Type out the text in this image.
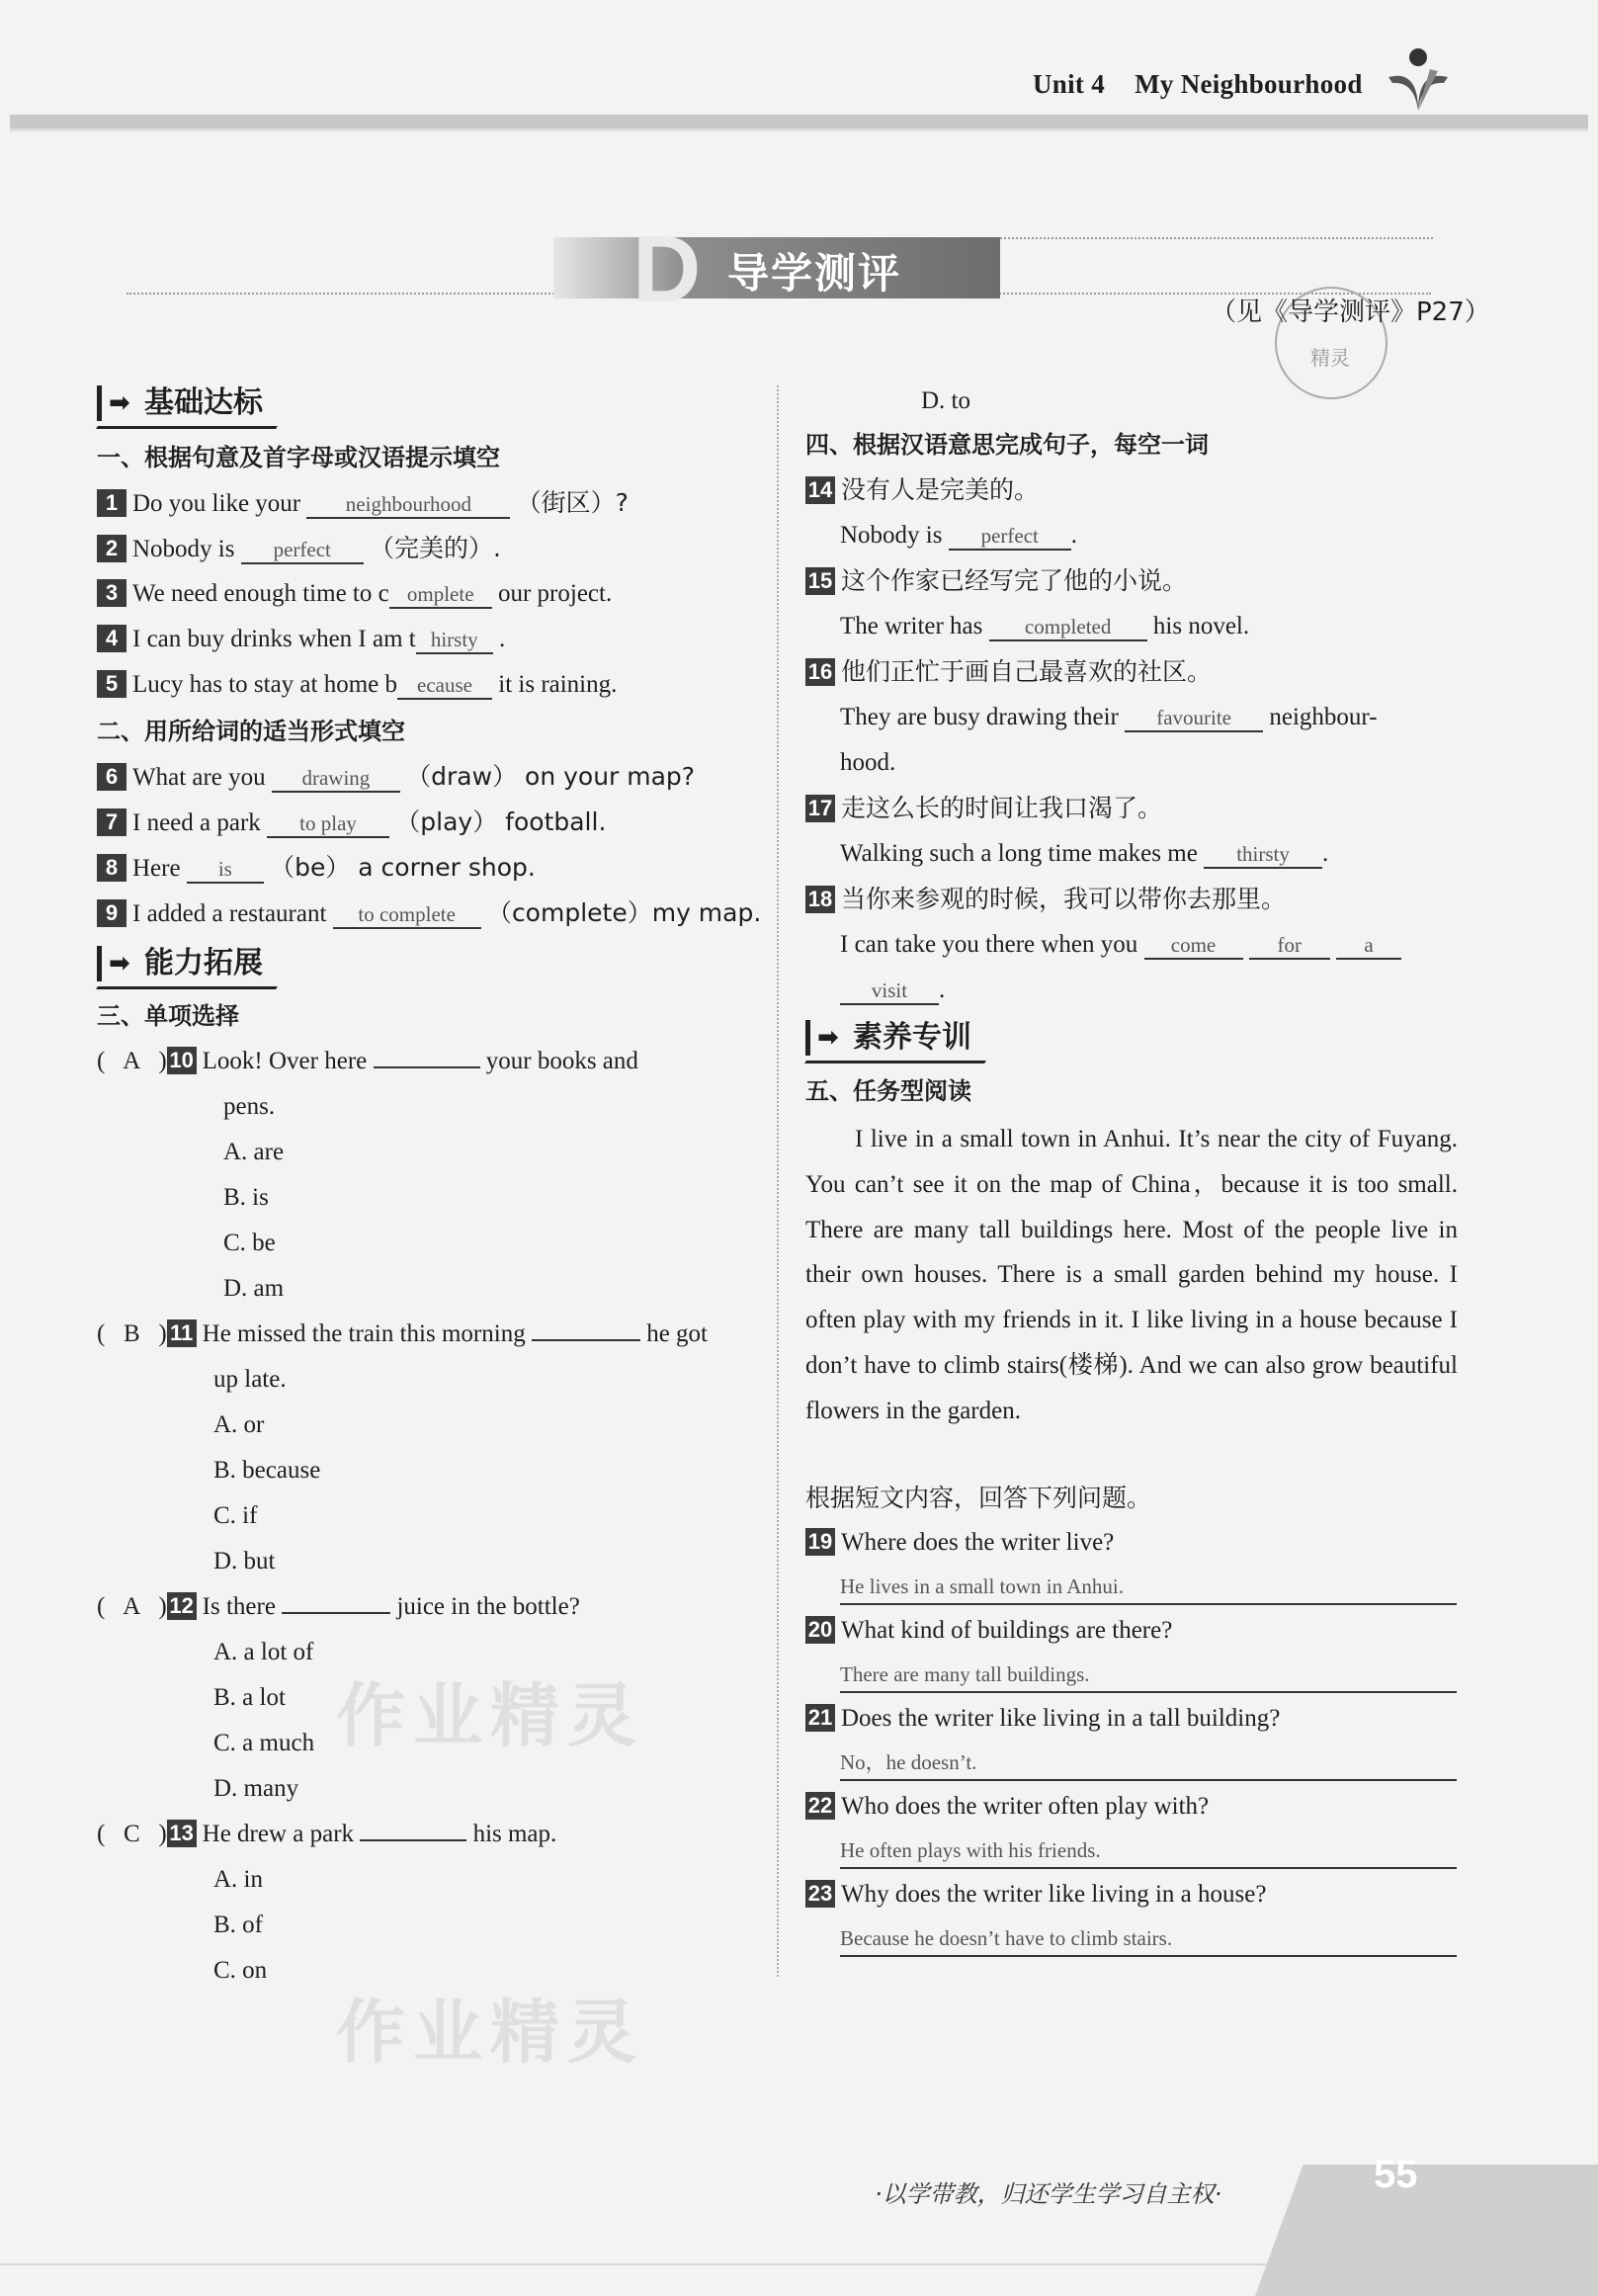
Unit 4 My Neighbourhood
D 导学测评
精灵
（见《导学测评》P27）
作业精灵
作业精灵
➡ 基础达标
一、根据句意及首字母或汉语提示填空
1 Do you like your neighbourhood （街区）?
2 Nobody is perfect （完美的）.
3 We need enough time to c omplete our project.
4 I can buy drinks when I am t hirsty .
5 Lucy has to stay at home b ecause it is raining.
二、用所给词的适当形式填空
6 What are you drawing （draw） on your map?
7 I need a park to play （play） football.
8 Here is （be） a corner shop.
9 I added a restaurant to complete （complete）my map.
➡ 能力拓展
三、单项选择
( A ) 10 Look! Over here	your books and
pens.
A. are
B. is
C. be
D. am
( B ) 11 He missed the train this morning	he got
up late.
A. or
B. because
C. if
D. but
( A ) 12 Is there	juice in the bottle?
A. a lot of
B. a lot
C. a much
D. many
( C ) 13 He drew a park	his map.
A. in
B. of
C. on
D. to
四、根据汉语意思完成句子，每空一词
14 没有人是完美的。
Nobody is perfect .
15 这个作家已经写完了他的小说。
The writer has completed his novel.
16 他们正忙于画自己最喜欢的社区。
They are busy drawing their favourite neighbour-
hood.
17 走这么长的时间让我口渴了。
Walking such a long time makes me thirsty .
18 当你来参观的时候，我可以带你去那里。
I can take you there when you come	for	a
visit .
➡ 素养专训
五、任务型阅读
I live in a small town in Anhui. It’s near the city of Fuyang. You can’t see it on the map of China，because it is too small. There are many tall buildings here. Most of the people live in their own houses. There is a small garden behind my house. I often play with my friends in it. I like living in a house because I don’t have to climb stairs(楼梯). And we can also grow beautiful flowers in the garden.
根据短文内容，回答下列问题。
19 Where does the writer live?
He lives in a small town in Anhui.
20 What kind of buildings are there?
There are many tall buildings.
21 Does the writer like living in a tall building?
No，he doesn’t.
22 Who does the writer often play with?
He often plays with his friends.
23 Why does the writer like living in a house?
Because he doesn’t have to climb stairs.
·以学带教，归还学生学习自主权·	55
